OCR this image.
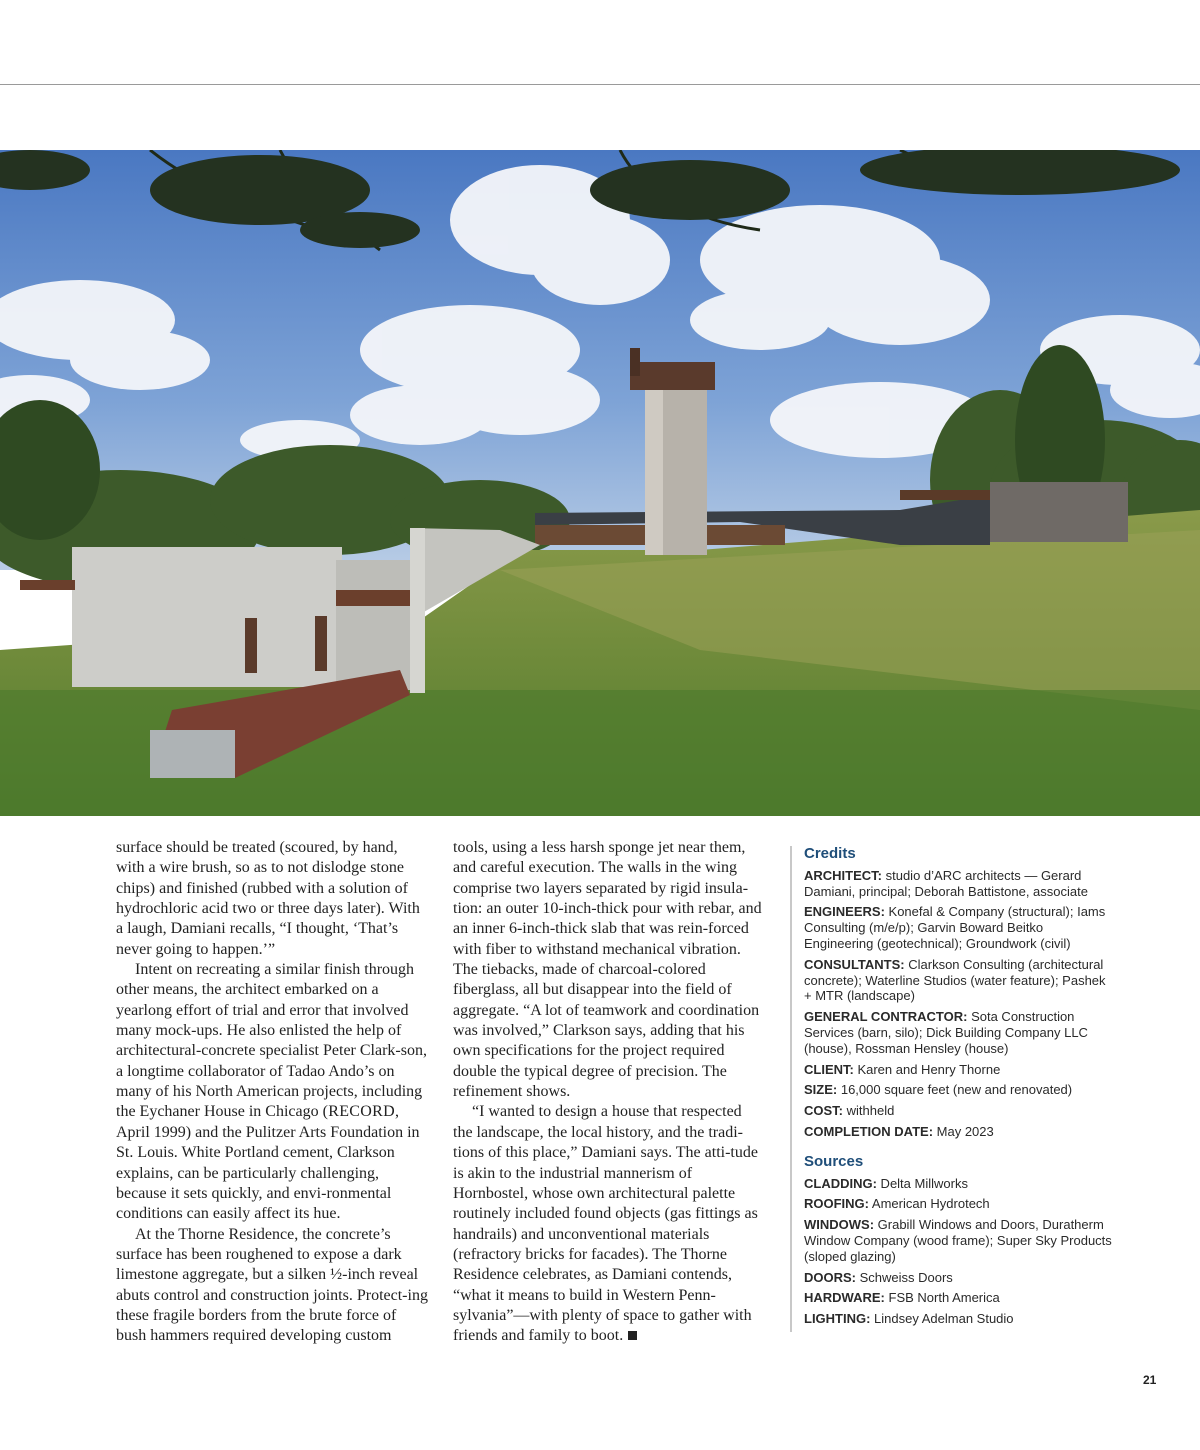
surface should be treated (scoured, by hand, with a wire brush, so as to not dislodge stone chips) and finished (rubbed with a solution of hydrochloric acid two or three days later). With a laugh, Damiani recalls, “I thought, ‘That’s never going to happen.’”

Intent on recreating a similar finish through other means, the architect embarked on a yearlong effort of trial and error that involved many mock-ups. He also enlisted the help of architectural-concrete specialist Peter Clark-son, a longtime collaborator of Tadao Ando’s on many of his North American projects, including the Eychaner House in Chicago (RECORD, April 1999) and the Pulitzer Arts Foundation in St. Louis. White Portland cement, Clarkson explains, can be particularly challenging, because it sets quickly, and envi-ronmental conditions can easily affect its hue.

At the Thorne Residence, the concrete’s surface has been roughened to expose a dark limestone aggregate, but a silken ½-inch reveal abuts control and construction joints. Protect-ing these fragile borders from the brute force of bush hammers required developing custom

tools, using a less harsh sponge jet near them, and careful execution. The walls in the wing comprise two layers separated by rigid insula-tion: an outer 10-inch-thick pour with rebar, and an inner 6-inch-thick slab that was rein-forced with fiber to withstand mechanical vibration. The tiebacks, made of charcoal-colored fiberglass, all but disappear into the field of aggregate. “A lot of teamwork and coordination was involved,” Clarkson says, adding that his own specifications for the project required double the typical degree of precision. The refinement shows.

“I wanted to design a house that respected the landscape, the local history, and the tradi-tions of this place,” Damiani says. The atti-tude is akin to the industrial mannerism of Hornbostel, whose own architectural palette routinely included found objects (gas fittings as handrails) and unconventional materials (refractory bricks for facades). The Thorne Residence celebrates, as Damiani contends, “what it means to build in Western Penn-sylvania”—with plenty of space to gather with friends and family to boot.

Credits
ARCHITECT: studio d’ARC architects — Gerard Damiani, principal; Deborah Battistone, associate
ENGINEERS: Konefal & Company (structural); Iams Consulting (m/e/p); Garvin Boward Beitko Engineering (geotechnical); Groundwork (civil)
CONSULTANTS: Clarkson Consulting (architectural concrete); Waterline Studios (water feature); Pashek + MTR (landscape)
GENERAL CONTRACTOR: Sota Construction Services (barn, silo); Dick Building Company LLC (house), Rossman Hensley (house)
CLIENT: Karen and Henry Thorne
SIZE: 16,000 square feet (new and renovated)
COST: withheld
COMPLETION DATE: May 2023
Sources
CLADDING: Delta Millworks
ROOFING: American Hydrotech
WINDOWS: Grabill Windows and Doors, Duratherm Window Company (wood frame); Super Sky Products (sloped glazing)
DOORS: Schweiss Doors
HARDWARE: FSB North America
LIGHTING: Lindsey Adelman Studio
21
